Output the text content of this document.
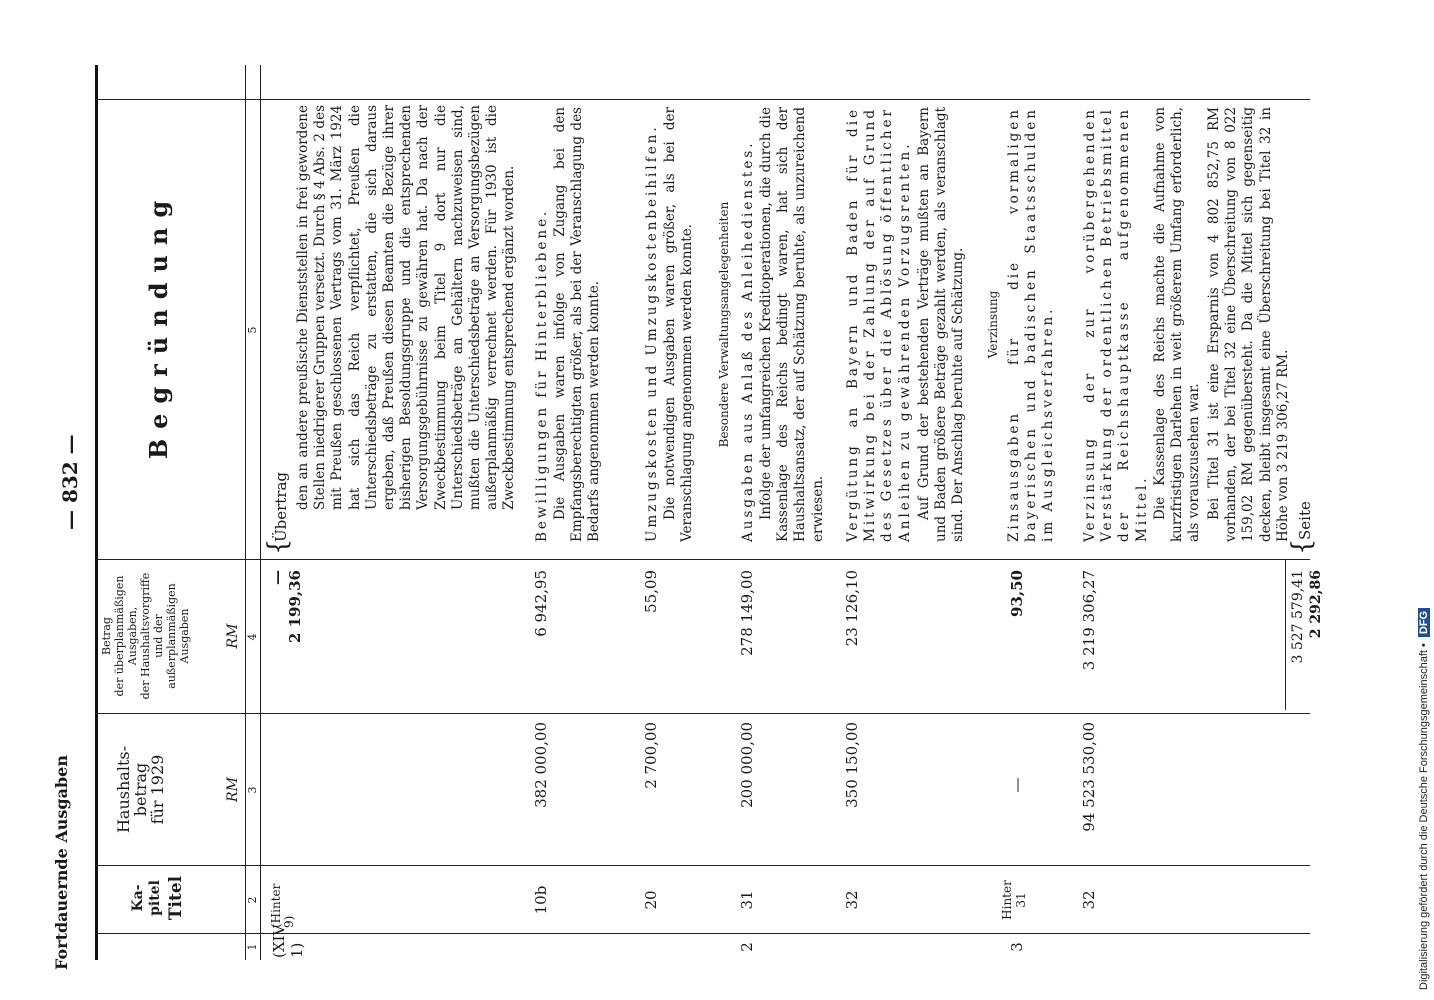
Fortdauernde Ausgaben
— 832 —
Ka-
pitel Titel
Haushalts-
betrag
für 1929	RM
Betrag
der überplanmäßigen
Ausgaben,
der Haushaltsvorgriffe
und der
außerplanmäßigen
Ausgaben RM
Begründung
1
2
3
4
5
(XIV
1)
(Hinter
9)
—
2 199,36
{
Übertrag den an andere preußische Dienststellen in frei gewordene Stellen niedrigerer Gruppen versetzt. Durch § 4 Abs. 2 des mit Preußen geschlossenen Vertrags vom 31. März 1924 hat sich das Reich verpflichtet, Preußen die Unterschiedsbeträge zu erstatten, die sich daraus ergeben, daß Preußen diesen Beamten die Bezüge ihrer bisherigen Besoldungsgruppe und die entsprechenden Versorgungsgebührnisse zu gewähren hat. Da nach der Zweckbestimmung beim Titel 9 dort nur die Unterschiedsbeträge an Gehältern nachzuweisen sind, mußten die Unterschiedsbeträge an Versorgungsbezügen außerplanmäßig verrechnet werden. Für 1930 ist die Zweckbestimmung entsprechend ergänzt worden.
10b
382 000,00
6 942,95
Bewilligungen für Hinterbliebene. Die Ausgaben waren infolge von Zugang bei den Empfangsberechtigten größer, als bei der Veranschlagung des Bedarfs angenommen werden konnte.
20
2 700,00
55,09
Umzugskosten und Umzugskostenbeihilfen. Die notwendigen Ausgaben waren größer, als bei der Veranschlagung angenommen werden konnte.
2
31
200 000,00
278 149,00
Besondere Verwaltungsangelegenheiten Ausgaben aus Anlaß des Anleihedienstes. Infolge der umfangreichen Kreditoperationen, die durch die Kassenlage des Reichs bedingt waren, hat sich der Haushaltsansatz, der auf Schätzung beruhte, als unzureichend erwiesen.
32
350 150,00
23 126,10
Vergütung an Bayern und Baden für die Mitwirkung bei der Zahlung der auf Grund des Gesetzes über die Ablösung öffentlicher Anleihen zu gewährenden Vorzugsrenten. Auf Grund der bestehenden Verträge mußten an Bayern und Baden größere Beträge gezahlt werden, als veranschlagt sind. Der Anschlag beruhte auf Schätzung.
3
Hinter
31
—
93,50
Verzinsung Zinsausgaben für die vormaligen bayerischen und badischen Staatsschulden im Ausgleichsverfahren.
32
94 523 530,00
3 219 306,27
Verzinsung der zur vorübergehenden Verstärkung der ordentlichen Betriebsmittel der Reichshauptkasse aufgenommenen Mittel. Die Kassenlage des Reichs machte die Aufnahme von kurzfristigen Darlehen in weit größerem Umfang erforderlich, als vorauszusehen war. Bei Titel 31 ist eine Ersparnis von 4 802 852,75 RM vorhanden, der bei Titel 32 eine Überschreitung von 8 022 159,02 RM gegenübersteht. Da die Mittel sich gegenseitig decken, bleibt insgesamt eine Überschreitung bei Titel 32 in Höhe von 3 219 306,27 RM.
3 527 579,41 2 292,86
{
Seite
Digitalisierung gefördert durch die Deutsche Forschungsgemeinschaft •DFG
